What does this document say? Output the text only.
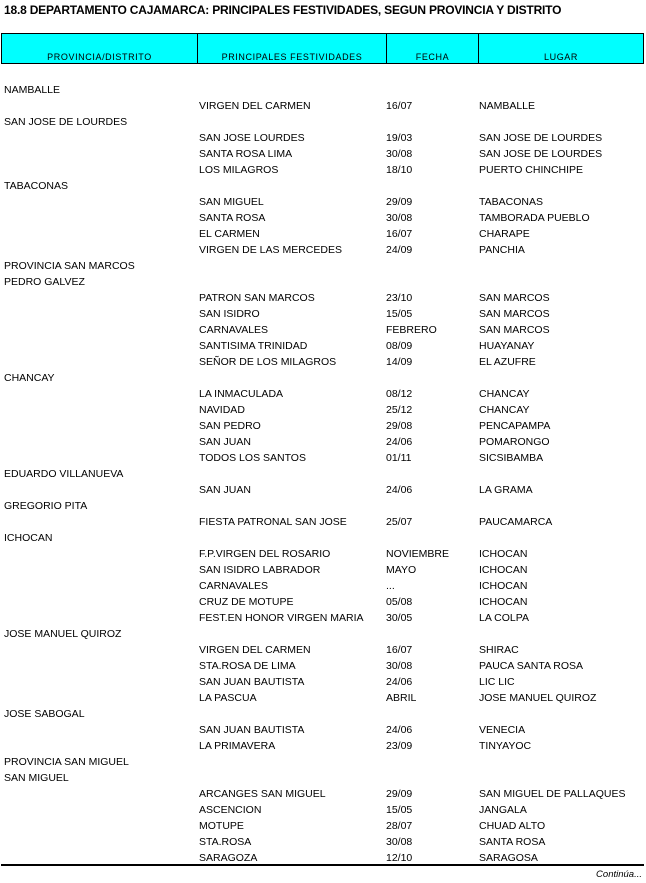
18.8 DEPARTAMENTO CAJAMARCA: PRINCIPALES FESTIVIDADES, SEGUN PROVINCIA Y DISTRITO
PROVINCIA/DISTRITO	PRINCIPALES FESTIVIDADES	FECHA	LUGAR
NAMBALLE
VIRGEN DEL CARMEN	16/07	NAMBALLE
SAN JOSE DE LOURDES
SAN JOSE LOURDES	19/03	SAN JOSE DE LOURDES
SANTA ROSA LIMA	30/08	SAN JOSE DE LOURDES
LOS MILAGROS	18/10	PUERTO CHINCHIPE
TABACONAS
SAN MIGUEL	29/09	TABACONAS
SANTA ROSA	30/08	TAMBORADA PUEBLO
EL CARMEN	16/07	CHARAPE
VIRGEN DE LAS MERCEDES	24/09	PANCHIA
PROVINCIA SAN MARCOS
PEDRO GALVEZ
PATRON SAN MARCOS	23/10	SAN MARCOS
SAN ISIDRO	15/05	SAN MARCOS
CARNAVALES	FEBRERO	SAN MARCOS
SANTISIMA TRINIDAD	08/09	HUAYANAY
SEÑOR DE LOS MILAGROS	14/09	EL AZUFRE
CHANCAY
LA INMACULADA	08/12	CHANCAY
NAVIDAD	25/12	CHANCAY
SAN PEDRO	29/08	PENCAPAMPA
SAN JUAN	24/06	POMARONGO
TODOS LOS SANTOS	01/11	SICSIBAMBA
EDUARDO VILLANUEVA
SAN JUAN	24/06	LA GRAMA
GREGORIO PITA
FIESTA PATRONAL SAN JOSE	25/07	PAUCAMARCA
ICHOCAN
F.P.VIRGEN DEL ROSARIO	NOVIEMBRE	ICHOCAN
SAN ISIDRO LABRADOR	MAYO	ICHOCAN
CARNAVALES	...	ICHOCAN
CRUZ DE MOTUPE	05/08	ICHOCAN
FEST.EN HONOR VIRGEN MARIA 30/05	LA COLPA
JOSE MANUEL QUIROZ
VIRGEN DEL CARMEN	16/07	SHIRAC
STA.ROSA DE LIMA	30/08	PAUCA SANTA ROSA
SAN JUAN BAUTISTA	24/06	LIC LIC
LA PASCUA	ABRIL	JOSE MANUEL QUIROZ
JOSE SABOGAL
SAN JUAN BAUTISTA	24/06	VENECIA
LA PRIMAVERA	23/09	TINYAYOC
PROVINCIA SAN MIGUEL
SAN MIGUEL
ARCANGES SAN MIGUEL	29/09	SAN MIGUEL DE PALLAQUES
ASCENCION	15/05	JANGALA
MOTUPE	28/07	CHUAD ALTO
STA.ROSA	30/08	SANTA ROSA
SARAGOZA	12/10	SARAGOSA
Continúa...
